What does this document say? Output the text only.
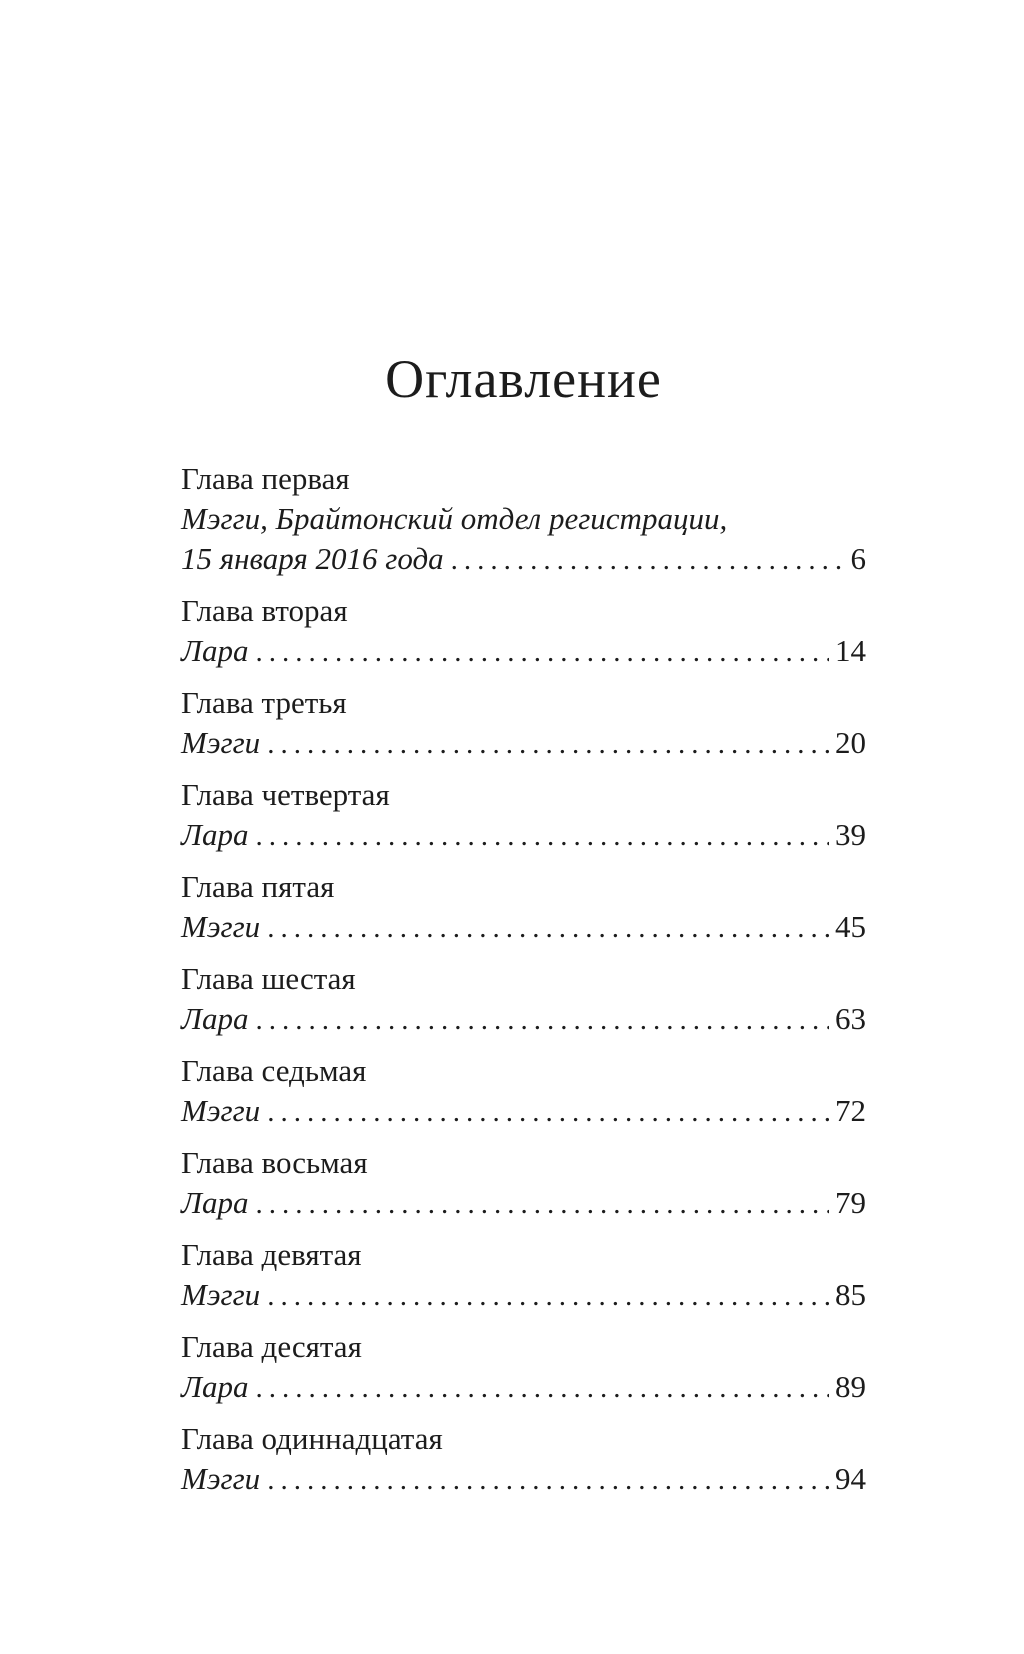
Оглавление
Глава первая
Мэгги, Брайтонский отдел регистрации,
15 января 2016 года .....	6
Глава вторая
Лара .....	14
Глава третья
Мэгги .....	20
Глава четвертая
Лара .....	39
Глава пятая
Мэгги .....	45
Глава шестая
Лара .....	63
Глава седьмая
Мэгги .....	72
Глава восьмая
Лара .....	79
Глава девятая
Мэгги .....	85
Глава десятая
Лара .....	89
Глава одиннадцатая
Мэгги .....	94
